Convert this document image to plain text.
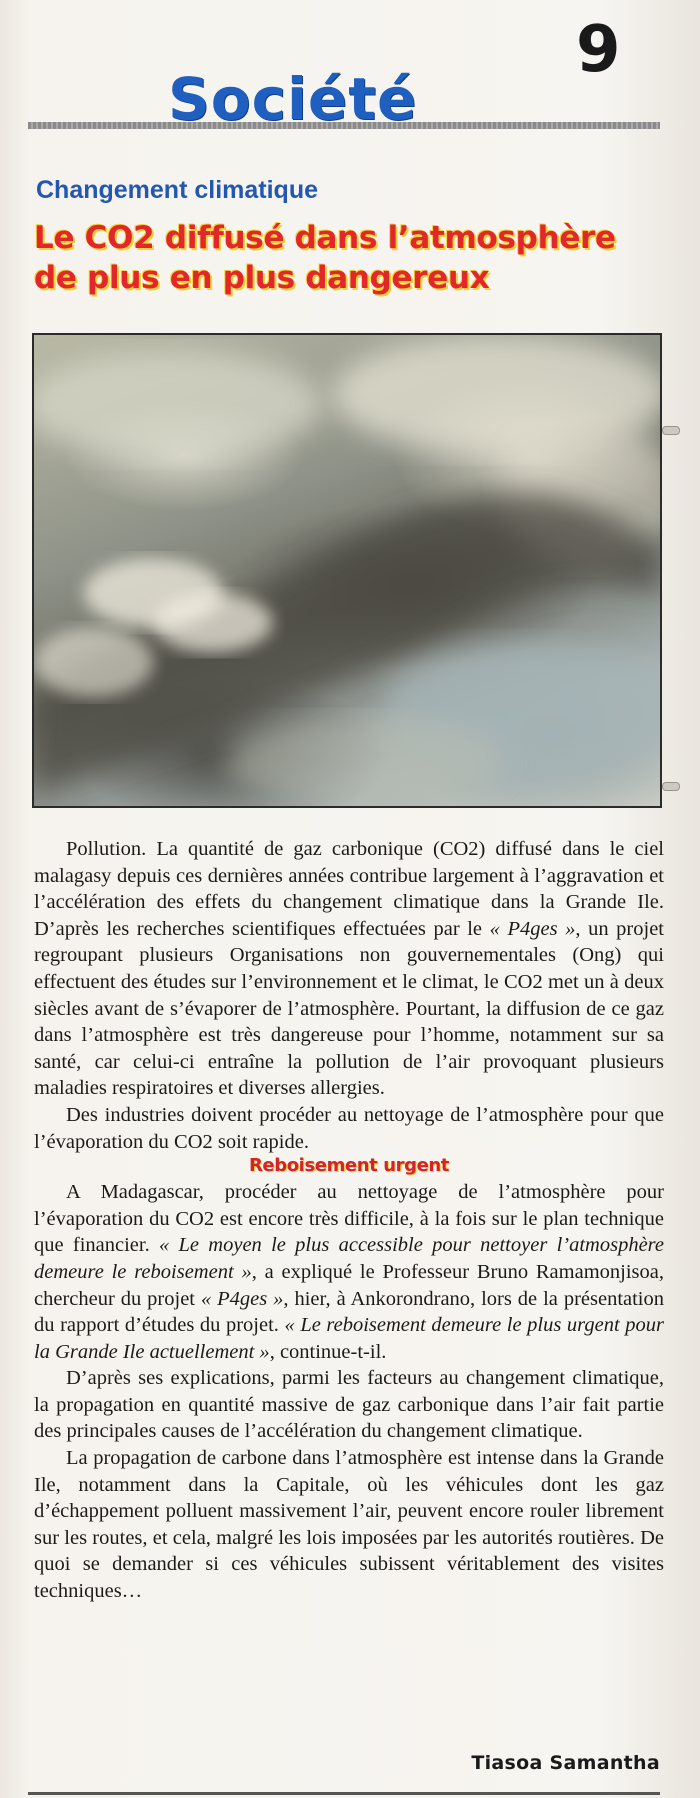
9
Société
Changement climatique
Le CO2 diffusé dans l’atmosphère
de plus en plus dangereux

Pollution. La quantité de gaz carbonique (CO2) diffusé dans le ciel malagasy depuis ces dernières années contribue largement à l’aggravation et l’accélération des effets du changement climatique dans la Grande Ile. D’après les recherches scientifiques effectuées par le « P4ges », un projet regroupant plusieurs Organisations non gouvernementales (Ong) qui effectuent des études sur l’environnement et le climat, le CO2 met un à deux siècles avant de s’évaporer de l’atmosphère. Pourtant, la diffusion de ce gaz dans l’atmosphère est très dangereuse pour l’homme, notamment sur sa santé, car celui-ci entraîne la pollution de l’air provoquant plusieurs maladies respiratoires et diverses allergies.

Des industries doivent procéder au nettoyage de l’atmosphère pour que l’évaporation du CO2 soit rapide.

Reboisement urgent

A Madagascar, procéder au nettoyage de l’atmosphère pour l’évaporation du CO2 est encore très difficile, à la fois sur le plan technique que financier. « Le moyen le plus accessible pour nettoyer l’atmosphère demeure le reboisement », a expliqué le Professeur Bruno Ramamonjisoa, chercheur du projet « P4ges », hier, à Ankorondrano, lors de la présentation du rapport d’études du projet. « Le reboisement demeure le plus urgent pour la Grande Ile actuellement », continue-t-il.

D’après ses explications, parmi les facteurs au changement climatique, la propagation en quantité massive de gaz carbonique dans l’air fait partie des principales causes de l’accélération du changement climatique.

La propagation de carbone dans l’atmosphère est intense dans la Grande Ile, notamment dans la Capitale, où les véhicules dont les gaz d’échappement polluent massivement l’air, peuvent encore rouler librement sur les routes, et cela, malgré les lois imposées par les autorités routières. De quoi se demander si ces véhicules subissent véritablement des visites techniques…

Tiasoa Samantha
